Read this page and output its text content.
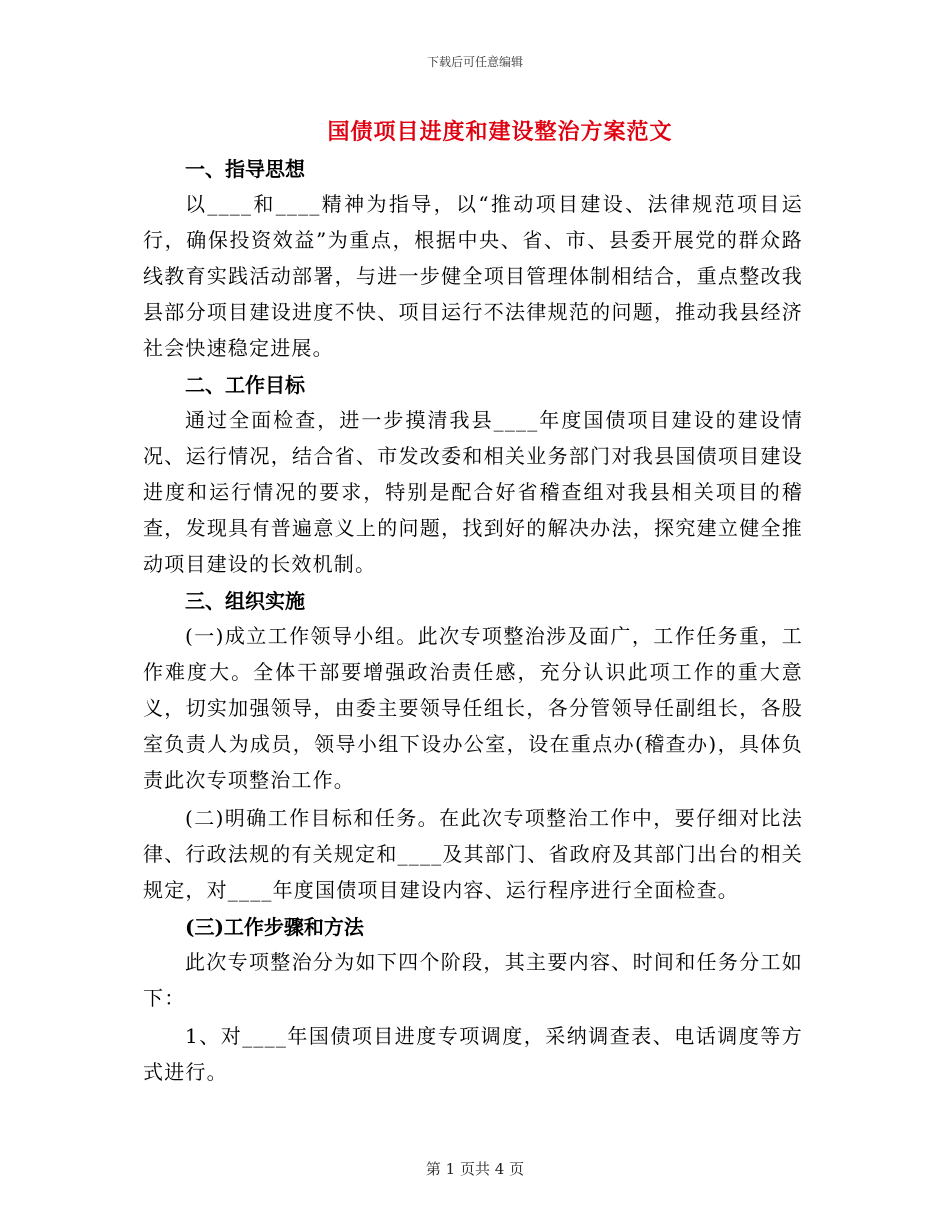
下载后可任意编辑
国债项目进度和建设整治方案范文

一、指导思想

以____和____精神为指导，以“推动项目建设、法律规范项目运行，确保投资效益”为重点，根据中央、省、市、县委开展党的群众路线教育实践活动部署，与进一步健全项目管理体制相结合，重点整改我县部分项目建设进度不快、项目运行不法律规范的问题，推动我县经济社会快速稳定进展。

二、工作目标

通过全面检查，进一步摸清我县____年度国债项目建设的建设情况、运行情况，结合省、市发改委和相关业务部门对我县国债项目建设进度和运行情况的要求，特别是配合好省稽查组对我县相关项目的稽查，发现具有普遍意义上的问题，找到好的解决办法，探究建立健全推动项目建设的长效机制。

三、组织实施

(一)成立工作领导小组。此次专项整治涉及面广，工作任务重，工作难度大。全体干部要增强政治责任感，充分认识此项工作的重大意义，切实加强领导，由委主要领导任组长，各分管领导任副组长，各股室负责人为成员，领导小组下设办公室，设在重点办(稽查办)，具体负责此次专项整治工作。

(二)明确工作目标和任务。在此次专项整治工作中，要仔细对比法律、行政法规的有关规定和____及其部门、省政府及其部门出台的相关规定，对____年度国债项目建设内容、运行程序进行全面检查。

(三)工作步骤和方法

此次专项整治分为如下四个阶段，其主要内容、时间和任务分工如下：

1、对____年国债项目进度专项调度，采纳调查表、电话调度等方式进行。

第 1 页共 4 页
